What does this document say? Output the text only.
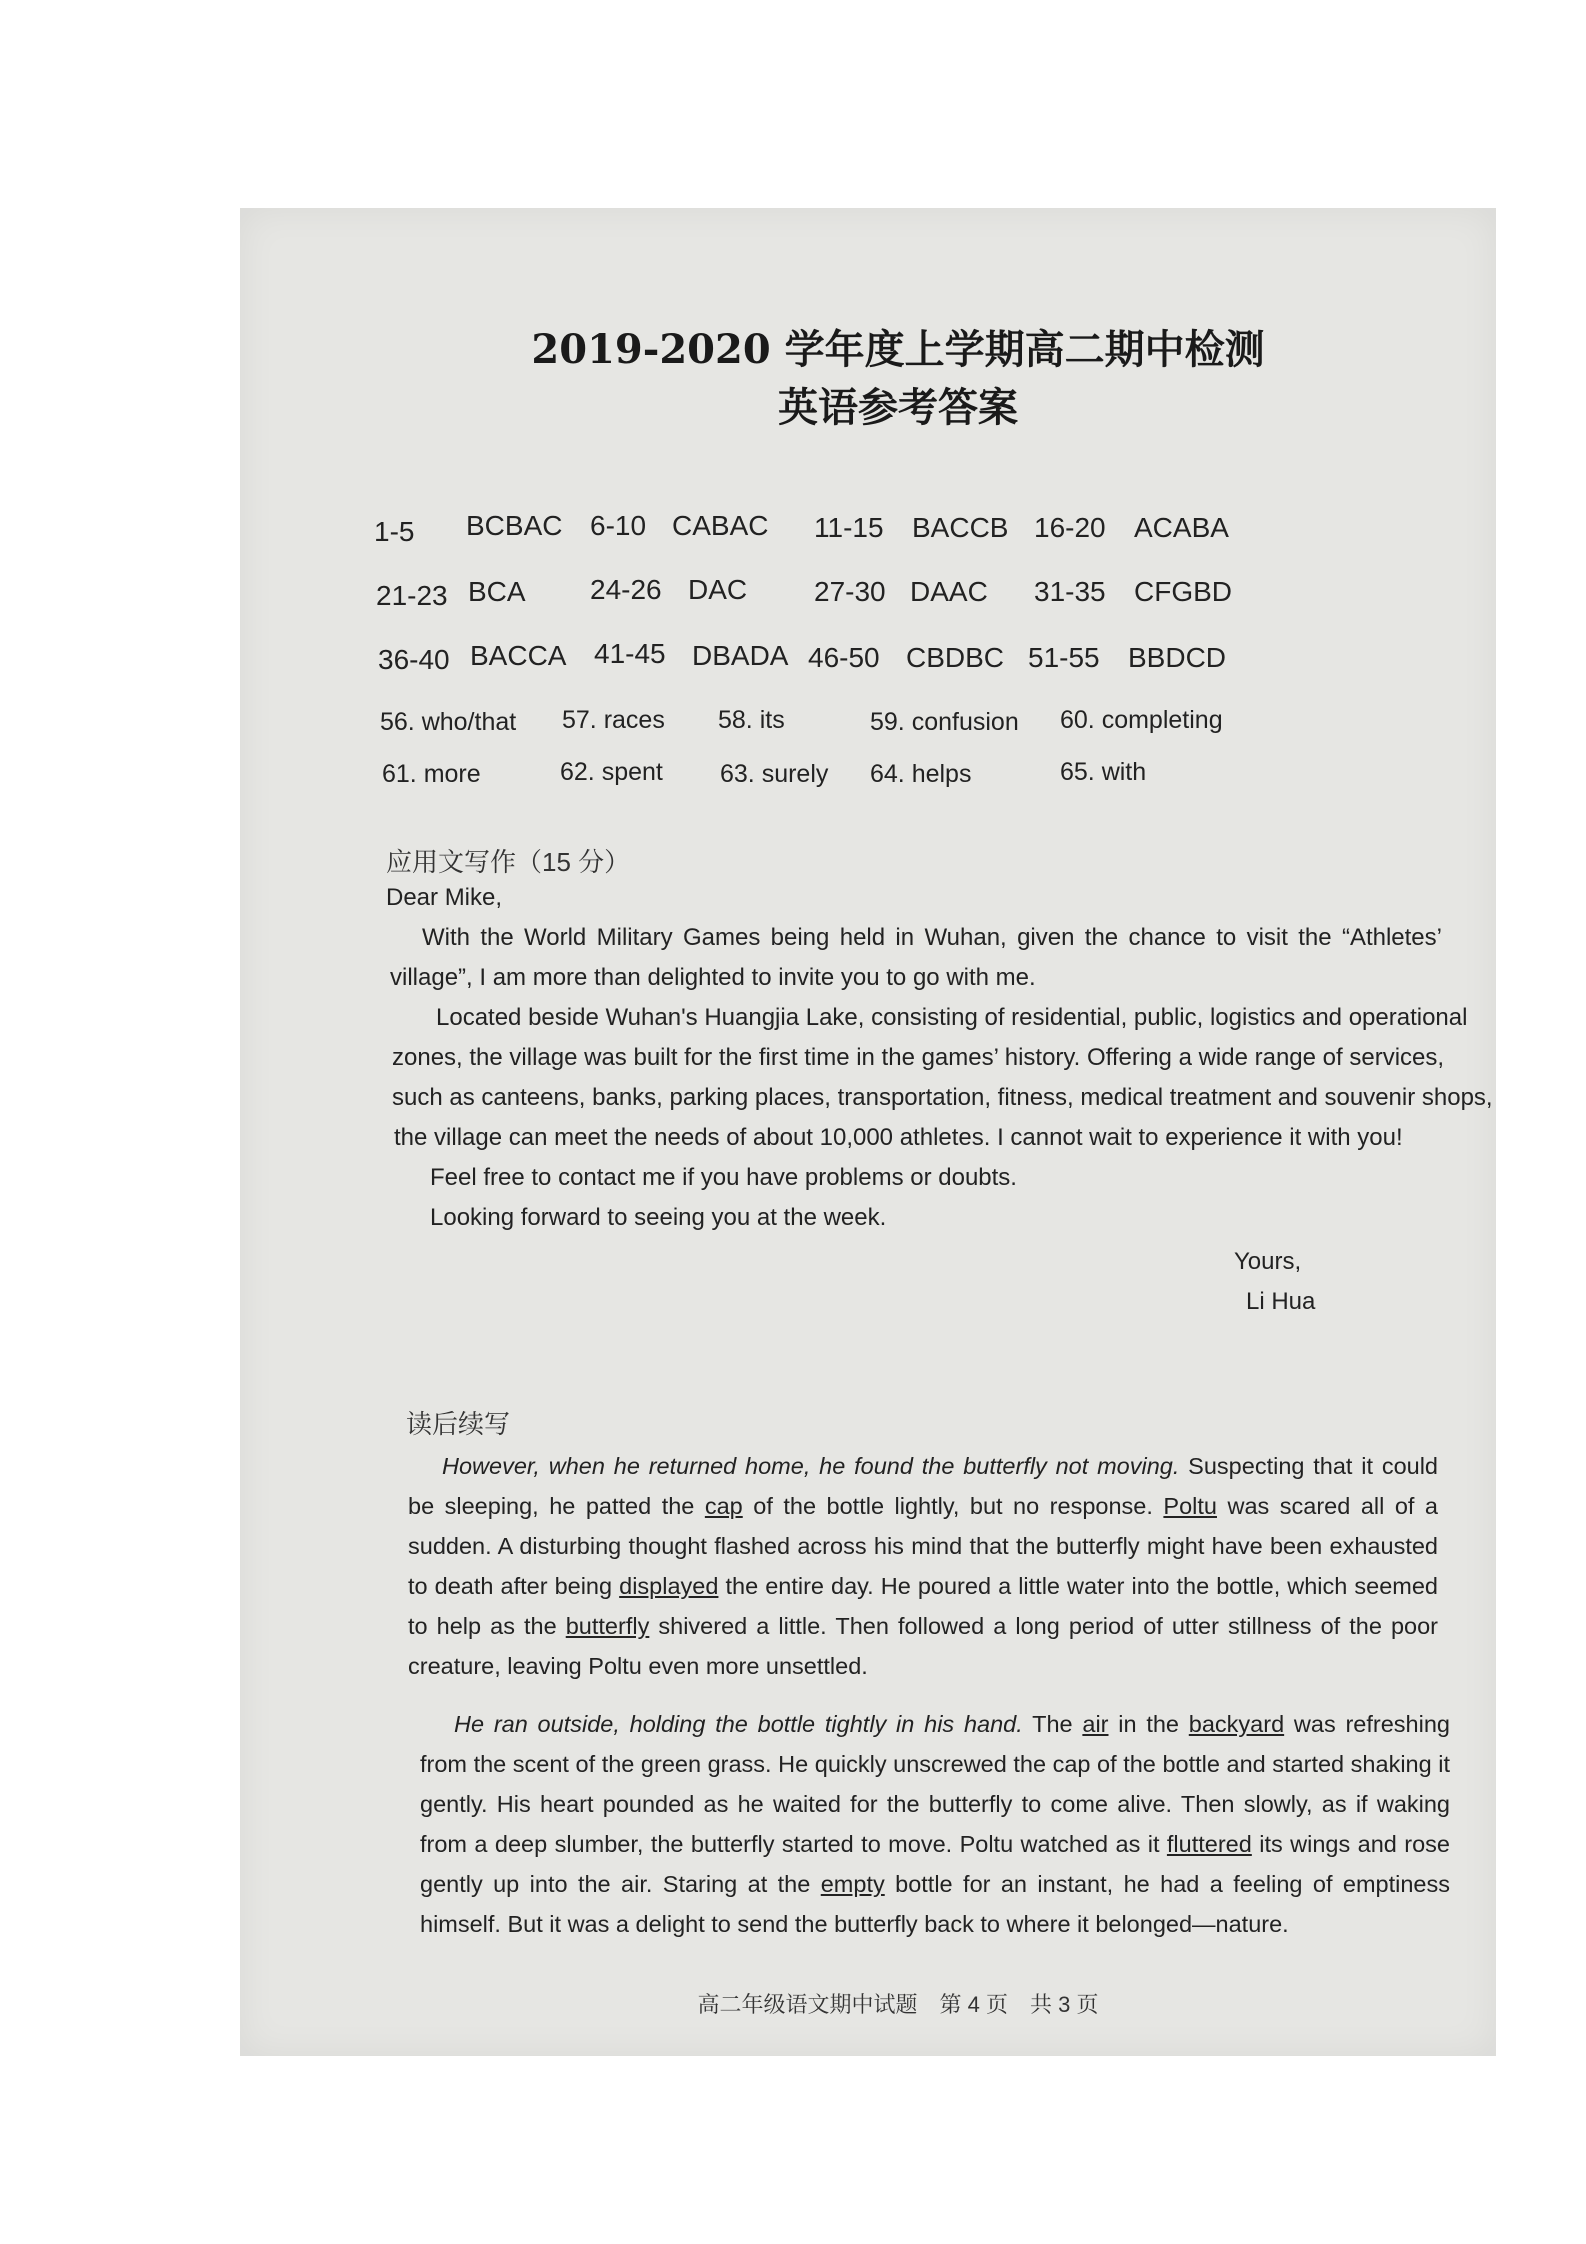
2019-2020 学年度上学期高二期中检测
英语参考答案
1-5 BCBAC 6-10 CABAC 11-15 BACCB 16-20 ACABA
21-23 BCA 24-26 DAC 27-30 DAAC 31-35 CFGBD
36-40 BACCA 41-45 DBADA 46-50 CBDBC 51-55 BBDCD
56. who/that 57. races 58. its	59. confusion 60. completing
61. more	62. spent 63. surely 64. helps	65. with
应用文写作（15 分）
Dear Mike,
With the World Military Games being held in Wuhan, given the chance to visit the “Athletes’
village”, I am more than delighted to invite you to go with me.
Located beside Wuhan's Huangjia Lake, consisting of residential, public, logistics and operational
zones, the village was built for the first time in the games’ history. Offering a wide range of services,
such as canteens, banks, parking places, transportation, fitness, medical treatment and souvenir shops,
the village can meet the needs of about 10,000 athletes. I cannot wait to experience it with you!
Feel free to contact me if you have problems or doubts.
Looking forward to seeing you at the week.
Yours,
Li Hua
读后续写
However, when he returned home, he found the butterfly not moving. Suspecting that it could be sleeping, he patted the cap of the bottle lightly, but no response. Poltu was scared all of a sudden. A disturbing thought flashed across his mind that the butterfly might have been exhausted to death after being displayed the entire day. He poured a little water into the bottle, which seemed to help as the butterfly shivered a little. Then followed a long period of utter stillness of the poor creature, leaving Poltu even more unsettled.
He ran outside, holding the bottle tightly in his hand. The air in the backyard was refreshing from the scent of the green grass. He quickly unscrewed the cap of the bottle and started shaking it gently. His heart pounded as he waited for the butterfly to come alive. Then slowly, as if waking from a deep slumber, the butterfly started to move. Poltu watched as it fluttered its wings and rose gently up into the air. Staring at the empty bottle for an instant, he had a feeling of emptiness himself. But it was a delight to send the butterfly back to where it belonged—nature.
高二年级语文期中试题　第 4 页　共 3 页
